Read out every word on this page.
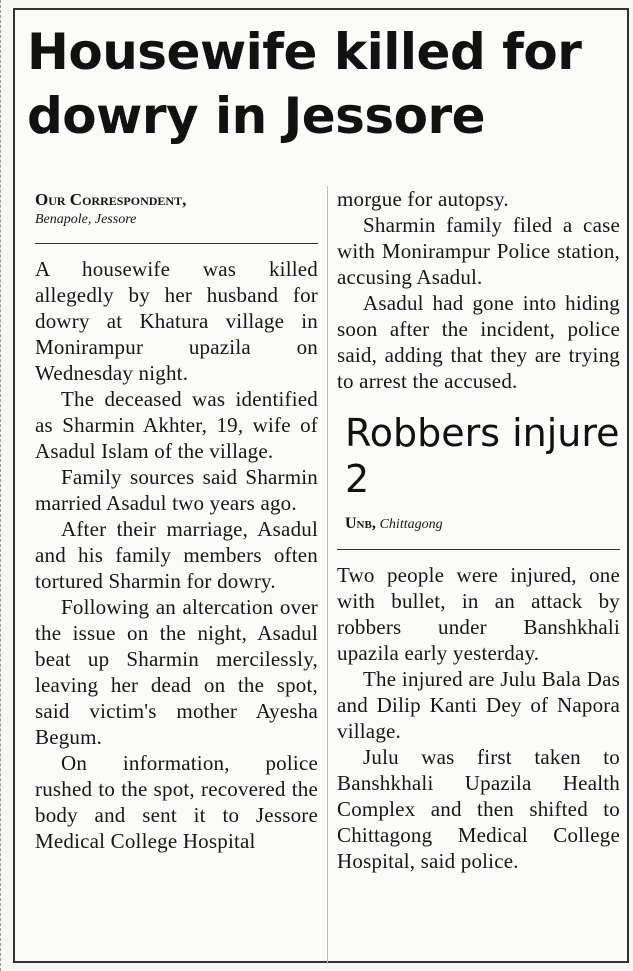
Housewife killed for dowry in Jessore
Our Correspondent,
Benapole, Jessore

A housewife was killed allegedly by her husband for dowry at Khatura village in Monirampur upazila on Wednesday night.

The deceased was identified as Sharmin Akhter, 19, wife of Asadul Islam of the village.

Family sources said Sharmin married Asadul two years ago.

After their marriage, Asadul and his family members often tortured Sharmin for dowry.

Following an altercation over the issue on the night, Asadul beat up Sharmin mercilessly, leaving her dead on the spot, said victim's mother Ayesha Begum.

On information, police rushed to the spot, recovered the body and sent it to Jessore Medical College Hospital

morgue for autopsy.

Sharmin family filed a case with Monirampur Police station, accusing Asadul.

Asadul had gone into hiding soon after the incident, police said, adding that they are trying to arrest the accused.

Robbers injure 2
Unb, Chittagong

Two people were injured, one with bullet, in an attack by robbers under Banshkhali upazila early yesterday.

The injured are Julu Bala Das and Dilip Kanti Dey of Napora village.

Julu was first taken to Banshkhali Upazila Health Complex and then shifted to Chittagong Medical College Hospital, said police.
